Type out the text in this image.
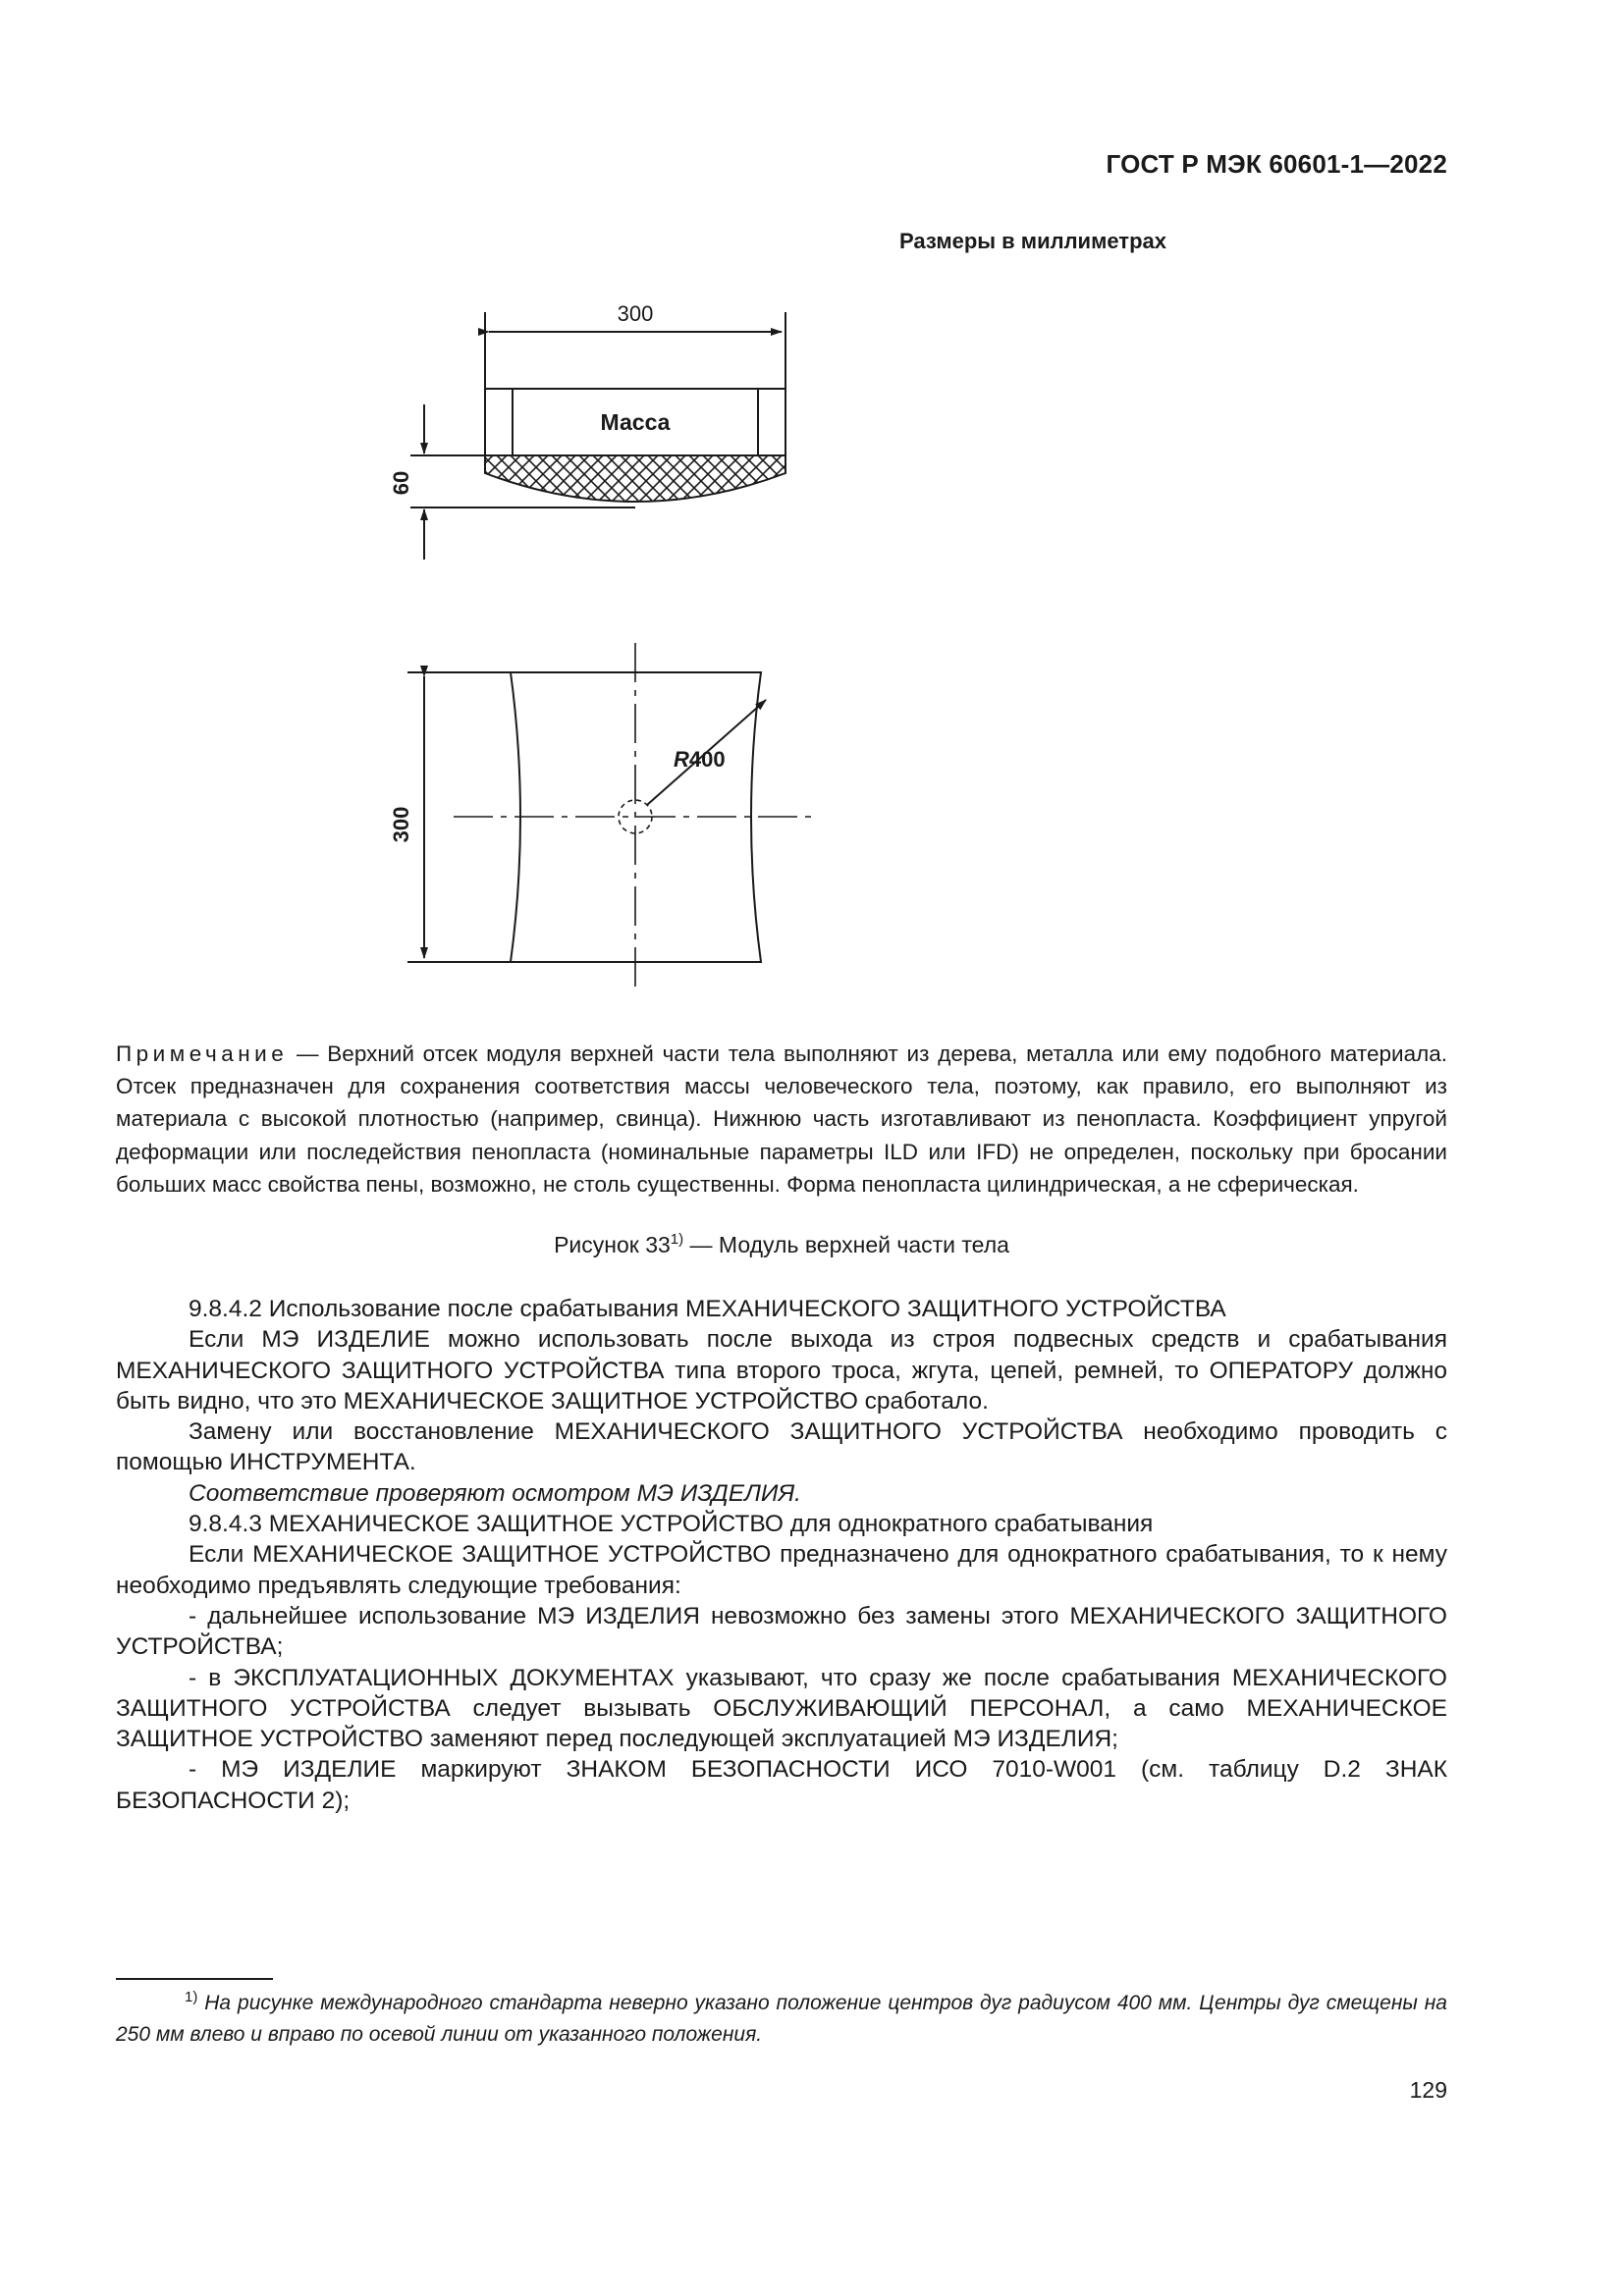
ГОСТ Р МЭК 60601-1—2022
Размеры в миллиметрах
300
Масса
60
R400
300
Примечание — Верхний отсек модуля верхней части тела выполняют из дерева, металла или ему подобного материала. Отсек предназначен для сохранения соответствия массы человеческого тела, поэтому, как правило, его выполняют из материала с высокой плотностью (например, свинца). Нижнюю часть изготавливают из пенопласта. Коэффициент упругой деформации или последействия пенопласта (номинальные параметры ILD или IFD) не определен, поскольку при бросании больших масс свойства пены, возможно, не столь существенны. Форма пенопласта цилиндрическая, а не сферическая.
Рисунок 33$^{1)}$ — Модуль верхней части тела

9.8.4.2 Использование после срабатывания МЕХАНИЧЕСКОГО ЗАЩИТНОГО УСТРОЙСТВА

Если МЭ ИЗДЕЛИЕ можно использовать после выхода из строя подвесных средств и срабатывания МЕХАНИЧЕСКОГО ЗАЩИТНОГО УСТРОЙСТВА типа второго троса, жгута, цепей, ремней, то ОПЕРАТОРУ должно быть видно, что это МЕХАНИЧЕСКОЕ ЗАЩИТНОЕ УСТРОЙСТВО сработало.

Замену или восстановление МЕХАНИЧЕСКОГО ЗАЩИТНОГО УСТРОЙСТВА необходимо проводить с помощью ИНСТРУМЕНТА.

Соответствие проверяют осмотром МЭ ИЗДЕЛИЯ.

9.8.4.3 МЕХАНИЧЕСКОЕ ЗАЩИТНОЕ УСТРОЙСТВО для однократного срабатывания

Если МЕХАНИЧЕСКОЕ ЗАЩИТНОЕ УСТРОЙСТВО предназначено для однократного срабатывания, то к нему необходимо предъявлять следующие требования:

- дальнейшее использование МЭ ИЗДЕЛИЯ невозможно без замены этого МЕХАНИЧЕСКОГО ЗАЩИТНОГО УСТРОЙСТВА;

- в ЭКСПЛУАТАЦИОННЫХ ДОКУМЕНТАХ указывают, что сразу же после срабатывания МЕХАНИЧЕСКОГО ЗАЩИТНОГО УСТРОЙСТВА следует вызывать ОБСЛУЖИВАЮЩИЙ ПЕРСОНАЛ, а само МЕХАНИЧЕСКОЕ ЗАЩИТНОЕ УСТРОЙСТВО заменяют перед последующей эксплуатацией МЭ ИЗДЕЛИЯ;

- МЭ ИЗДЕЛИЕ маркируют ЗНАКОМ БЕЗОПАСНОСТИ ИСО 7010-W001 (см. таблицу D.2 ЗНАК БЕЗОПАСНОСТИ 2);

$^{1)}$ На рисунке международного стандарта неверно указано положение центров дуг радиусом 400 мм. Центры дуг смещены на 250 мм влево и вправо по осевой линии от указанного положения.
129
